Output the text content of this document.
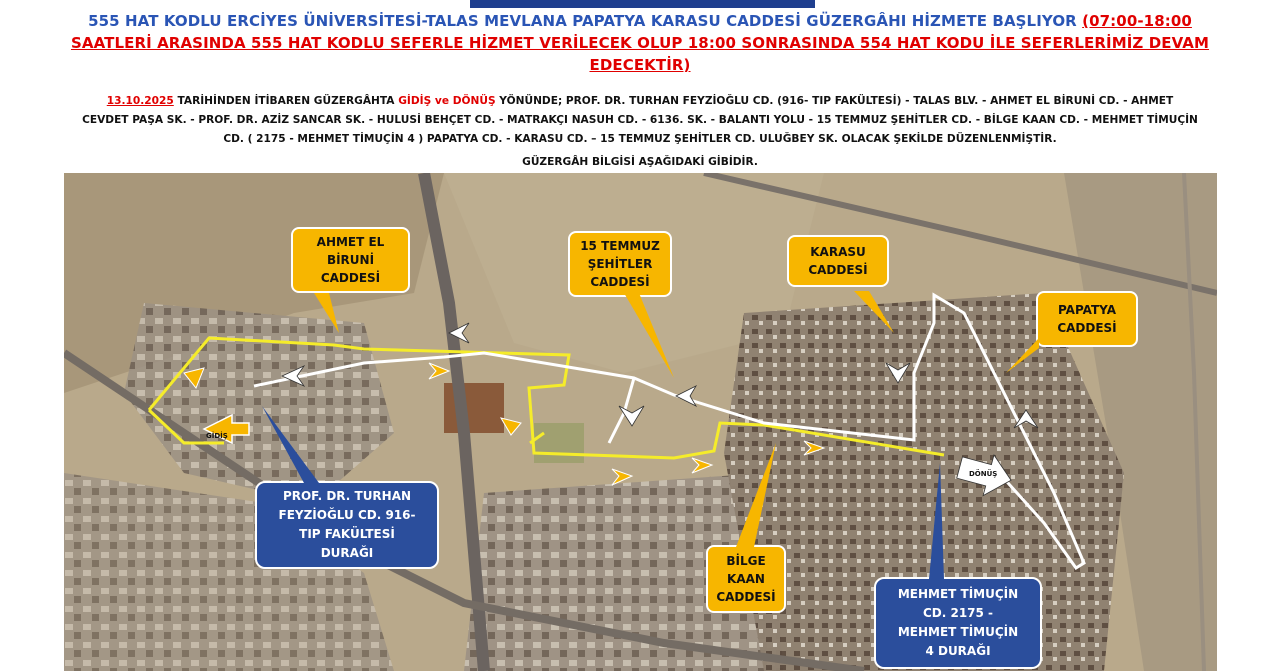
555 HAT KODLU ERCİYES ÜNİVERSİTESİ-TALAS MEVLANA PAPATYA KARASU CADDESİ GÜZERGÂHI HİZMETE BAŞLIYOR (07:00-18:00
SAATLERİ ARASINDA 555 HAT KODLU SEFERLE HİZMET VERİLECEK OLUP 18:00 SONRASINDA 554 HAT KODU İLE SEFERLERİMİZ DEVAM
EDECEKTİR)
13.10.2025 TARİHİNDEN İTİBAREN GÜZERGÂHTA GİDİŞ ve DÖNÜŞ YÖNÜNDE; PROF. DR. TURHAN FEYZİOĞLU CD. (916- TIP FAKÜLTESİ) - TALAS BLV. - AHMET EL BİRUNİ CD. - AHMET
CEVDET PAŞA SK. - PROF. DR. AZİZ SANCAR SK. - HULUSİ BEHÇET CD. - MATRAKÇI NASUH CD. - 6136. SK. - BALANTI YOLU - 15 TEMMUZ ŞEHİTLER CD. - BİLGE KAAN CD. - MEHMET TİMUÇİN
CD. ( 2175 - MEHMET TİMUÇİN 4 ) PAPATYA CD. - KARASU CD. – 15 TEMMUZ ŞEHİTLER CD. ULUĞBEY SK. OLACAK ŞEKİLDE DÜZENLENMİŞTİR.
GÜZERGÂH BİLGİSİ AŞAĞIDAKİ GİBİDİR.
GİDİŞ
DÖNÜŞ
AHMET EL
BİRUNİ
CADDESİ
15 TEMMUZ
ŞEHİTLER
CADDESİ
KARASU
CADDESİ
PAPATYA
CADDESİ
BİLGE
KAAN
CADDESİ
PROF. DR. TURHAN
FEYZİOĞLU CD. 916-
TIP FAKÜLTESİ
DURAĞI
MEHMET TİMUÇİN
CD. 2175 -
MEHMET TİMUÇİN
4 DURAĞI
